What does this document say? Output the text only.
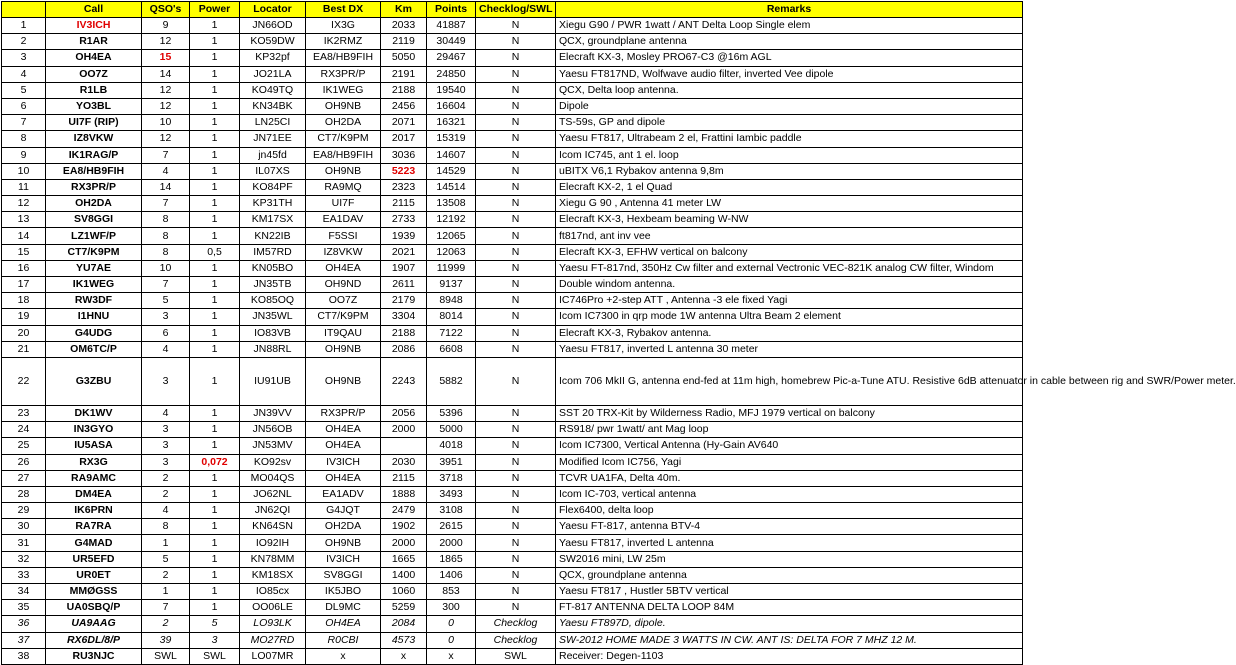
	Call	QSO's	Power	Locator	Best DX	Km	Points	Checklog/SWL	Remarks
1	IV3ICH	9	1	JN66OD	IX3G	2033	41887	N	Xiegu G90 / PWR 1watt / ANT Delta Loop Single elem
2	R1AR	12	1	KO59DW	IK2RMZ	2119	30449	N	QCX, groundplane antenna
3	OH4EA	15	1	KP32pf	EA8/HB9FIH	5050	29467	N	Elecraft KX-3, Mosley PRO67-C3 @16m AGL
4	OO7Z	14	1	JO21LA	RX3PR/P	2191	24850	N	Yaesu FT817ND, Wolfwave audio filter, inverted Vee dipole
5	R1LB	12	1	KO49TQ	IK1WEG	2188	19540	N	QCX, Delta loop antenna.
6	YO3BL	12	1	KN34BK	OH9NB	2456	16604	N	Dipole
7	UI7F (RIP)	10	1	LN25CI	OH2DA	2071	16321	N	TS-59s, GP and dipole
8	IZ8VKW	12	1	JN71EE	CT7/K9PM	2017	15319	N	Yaesu FT817, Ultrabeam 2 el, Frattini Iambic paddle
9	IK1RAG/P	7	1	jn45fd	EA8/HB9FIH	3036	14607	N	Icom IC745, ant 1 el. loop
10	EA8/HB9FIH	4	1	IL07XS	OH9NB	5223	14529	N	uBITX V6,1 Rybakov antenna 9,8m
11	RX3PR/P	14	1	KO84PF	RA9MQ	2323	14514	N	Elecraft KX-2, 1 el Quad
12	OH2DA	7	1	KP31TH	UI7F	2115	13508	N	Xiegu G 90 , Antenna 41 meter LW
13	SV8GGI	8	1	KM17SX	EA1DAV	2733	12192	N	Elecraft KX-3, Hexbeam beaming W-NW
14	LZ1WF/P	8	1	KN22IB	F5SSI	1939	12065	N	ft817nd, ant inv vee
15	CT7/K9PM	8	0,5	IM57RD	IZ8VKW	2021	12063	N	Elecraft KX-3, EFHW vertical on balcony
16	YU7AE	10	1	KN05BO	OH4EA	1907	11999	N	Yaesu FT-817nd, 350Hz Cw filter and external Vectronic VEC-821K analog CW filter, Windom
17	IK1WEG	7	1	JN35TB	OH9ND	2611	9137	N	Double windom antenna.
18	RW3DF	5	1	KO85OQ	OO7Z	2179	8948	N	IC746Pro +2-step ATT , Antenna -3 ele fixed Yagi
19	I1HNU	3	1	JN35WL	CT7/K9PM	3304	8014	N	Icom IC7300 in qrp mode 1W antenna Ultra Beam 2 element
20	G4UDG	6	1	IO83VB	IT9QAU	2188	7122	N	Elecraft KX-3, Rybakov antenna.
21	OM6TC/P	4	1	JN88RL	OH9NB	2086	6608	N	Yaesu FT817, inverted L antenna 30 meter
22	G3ZBU	3	1	IU91UB	OH9NB	2243	5882	N	Icom 706 MkII G, antenna end-fed at 11m high, homebrew Pic-a-Tune ATU. Resistive 6dB attenuator in cable between rig and SWR/Power meter.
23	DK1WV	4	1	JN39VV	RX3PR/P	2056	5396	N	SST 20 TRX-Kit by Wilderness Radio, MFJ 1979 vertical on balcony
24	IN3GYO	3	1	JN56OB	OH4EA	2000	5000	N	RS918/ pwr 1watt/ ant Mag loop
25	IU5ASA	3	1	JN53MV	OH4EA		4018	N	Icom IC7300, Vertical Antenna (Hy-Gain AV640
26	RX3G	3	0,072	KO92sv	IV3ICH	2030	3951	N	Modified Icom IC756, Yagi
27	RA9AMC	2	1	MO04QS	OH4EA	2115	3718	N	TCVR UA1FA, Delta 40m.
28	DM4EA	2	1	JO62NL	EA1ADV	1888	3493	N	Icom IC-703, vertical antenna
29	IK6PRN	4	1	JN62QI	G4JQT	2479	3108	N	Flex6400, delta loop
30	RA7RA	8	1	KN64SN	OH2DA	1902	2615	N	Yaesu FT-817, antenna BTV-4
31	G4MAD	1	1	IO92IH	OH9NB	2000	2000	N	Yaesu FT817, inverted L antenna
32	UR5EFD	5	1	KN78MM	IV3ICH	1665	1865	N	SW2016 mini, LW 25m
33	UR0ET	2	1	KM18SX	SV8GGI	1400	1406	N	QCX, groundplane antenna
34	MMØGSS	1	1	IO85cx	IK5JBO	1060	853	N	Yaesu FT817 , Hustler 5BTV vertical
35	UA0SBQ/P	7	1	OO06LE	DL9MC	5259	300	N	FT-817 ANTENNA DELTA LOOP 84M
36	UA9AAG	2	5	LO93LK	OH4EA	2084	0	Checklog	Yaesu FT897D, dipole.
37	RX6DL/8/P	39	3	MO27RD	R0CBI	4573	0	Checklog	SW-2012 HOME MADE 3 WATTS IN CW. ANT IS: DELTA FOR 7 MHZ 12 M.
38	RU3NJC	SWL	SWL	LO07MR	x	x	x	SWL	Receiver: Degen-1103
